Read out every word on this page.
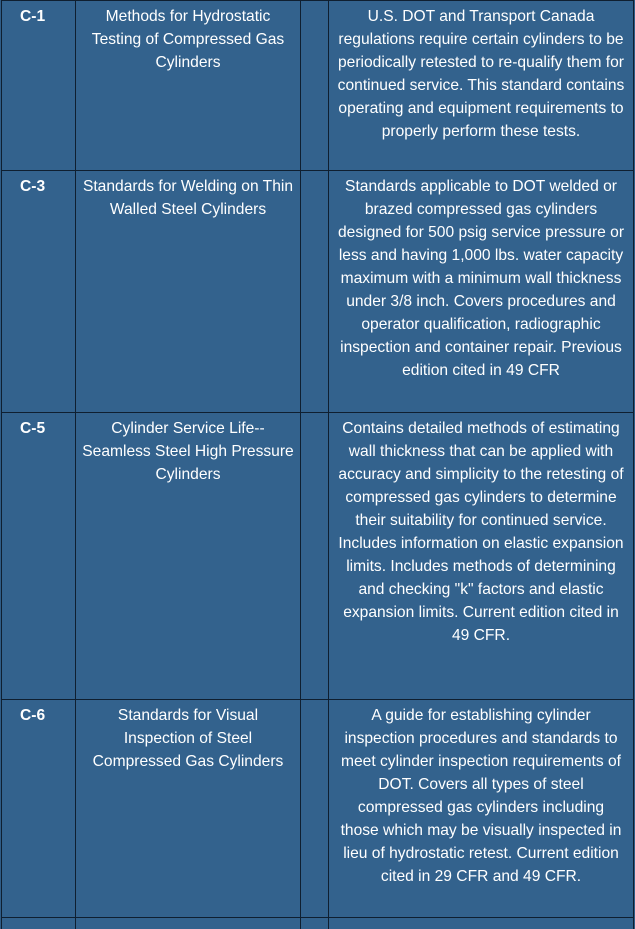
C-1	Methods for Hydrostatic Testing of Compressed Gas Cylinders		U.S. DOT and Transport Canada regulations require certain cylinders to be periodically retested to re-qualify them for continued service. This standard contains operating and equipment requirements to properly perform these tests.
C-3	Standards for Welding on Thin Walled Steel Cylinders		Standards applicable to DOT welded or brazed compressed gas cylinders designed for 500 psig service pressure or less and having 1,000 lbs. water capacity maximum with a minimum wall thickness under 3/8 inch. Covers procedures and operator qualification, radiographic inspection and container repair. Previous edition cited in 49 CFR
C-5	Cylinder Service Life--Seamless Steel High Pressure Cylinders		Contains detailed methods of estimating wall thickness that can be applied with accuracy and simplicity to the retesting of compressed gas cylinders to determine their suitability for continued service. Includes information on elastic expansion limits. Includes methods of determining and checking "k" factors and elastic expansion limits. Current edition cited in 49 CFR.
C-6	Standards for Visual Inspection of Steel Compressed Gas Cylinders		A guide for establishing cylinder inspection procedures and standards to meet cylinder inspection requirements of DOT. Covers all types of steel compressed gas cylinders including those which may be visually inspected in lieu of hydrostatic retest. Current edition cited in 29 CFR and 49 CFR.
